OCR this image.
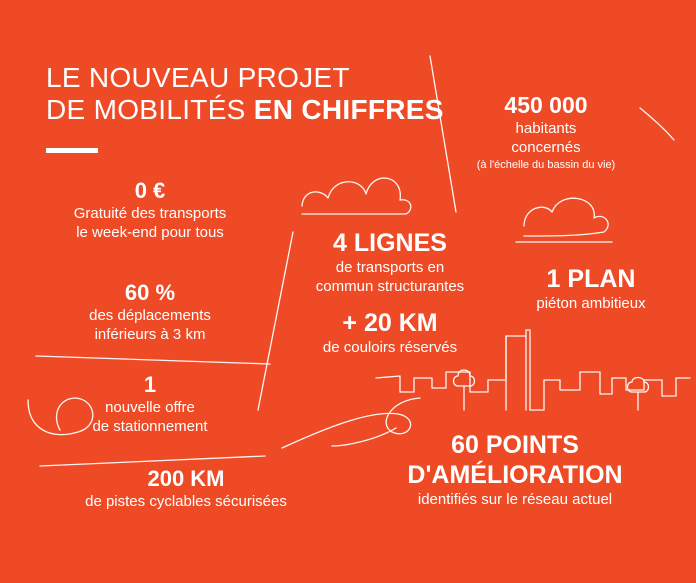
LE NOUVEAU PROJET
DE MOBILITÉS EN CHIFFRES
0 €
Gratuité des transports
le week-end pour tous
60 %
des déplacements
inférieurs à 3 km
1
nouvelle offre
de stationnement
200 KM
de pistes cyclables sécurisées
4 LIGNES
de transports en
commun structurantes
+ 20 KM
de couloirs réservés
450 000
habitants
concernés
(à l'échelle du bassin du vie)
1 PLAN
piéton ambitieux
60 POINTS
D'AMÉLIORATION
identifiés sur le réseau actuel
